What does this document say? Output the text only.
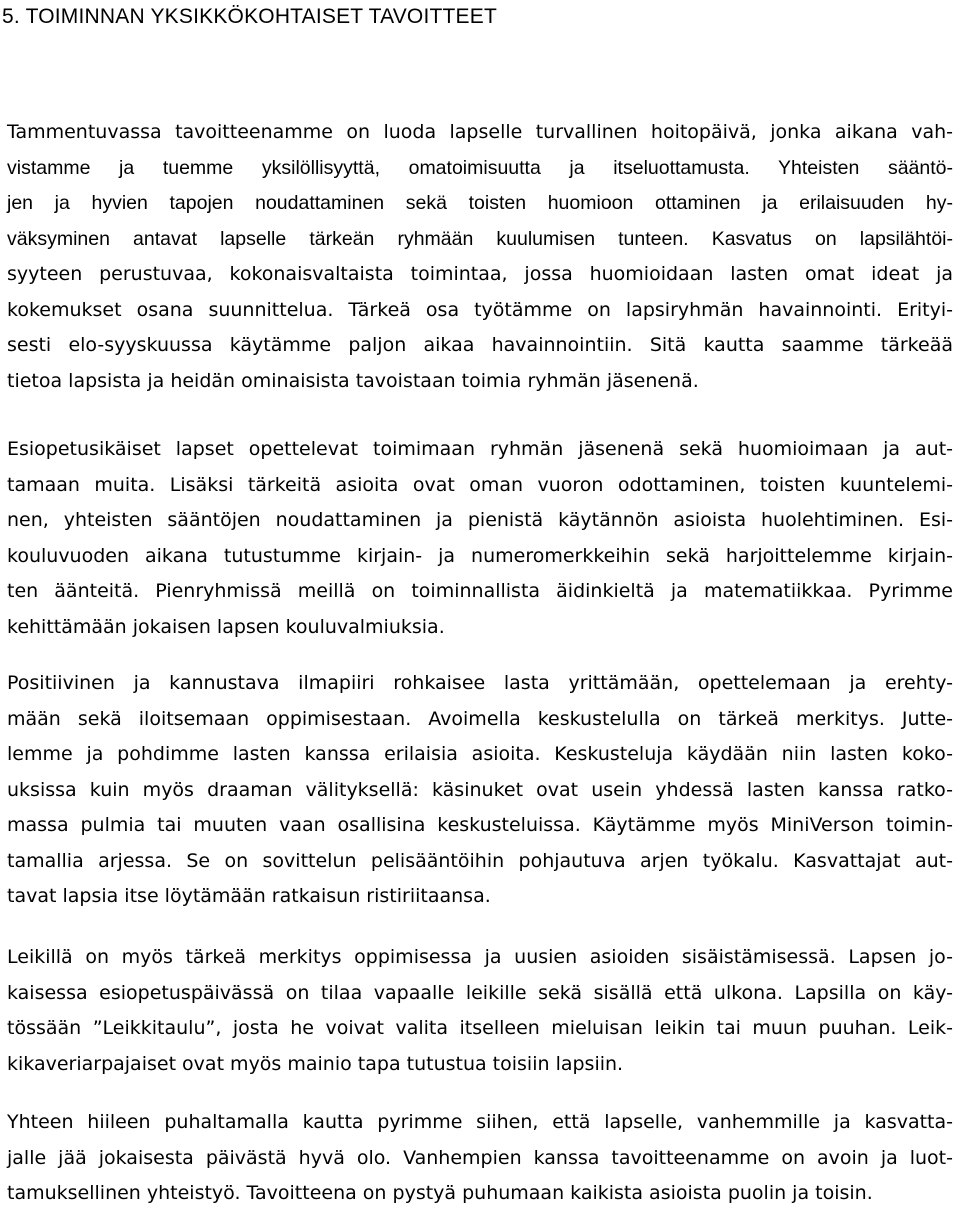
5. TOIMINNAN YKSIKKÖKOHTAISET TAVOITTEET
Tammentuvassa tavoitteenamme on luoda lapselle turvallinen hoitopäivä, jonka aikana vah-
vistamme ja tuemme yksilöllisyyttä, omatoimisuutta ja itseluottamusta. Yhteisten sääntö-
jen ja hyvien tapojen noudattaminen sekä toisten huomioon ottaminen ja erilaisuuden hy-
väksyminen antavat lapselle tärkeän ryhmään kuulumisen tunteen. Kasvatus on lapsilähtöi-
syyteen perustuvaa, kokonaisvaltaista toimintaa, jossa huomioidaan lasten omat ideat ja
kokemukset osana suunnittelua. Tärkeä osa työtämme on lapsiryhmän havainnointi. Erityi-
sesti elo-syyskuussa käytämme paljon aikaa havainnointiin. Sitä kautta saamme tärkeää
tietoa lapsista ja heidän ominaisista tavoistaan toimia ryhmän jäsenenä.
Esiopetusikäiset lapset opettelevat toimimaan ryhmän jäsenenä sekä huomioimaan ja aut-
tamaan muita. Lisäksi tärkeitä asioita ovat oman vuoron odottaminen, toisten kuuntelemi-
nen, yhteisten sääntöjen noudattaminen ja pienistä käytännön asioista huolehtiminen. Esi-
kouluvuoden aikana tutustumme kirjain- ja numeromerkkeihin sekä harjoittelemme kirjain-
ten äänteitä. Pienryhmissä meillä on toiminnallista äidinkieltä ja matematiikkaa. Pyrimme
kehittämään jokaisen lapsen kouluvalmiuksia.
Positiivinen ja kannustava ilmapiiri rohkaisee lasta yrittämään, opettelemaan ja erehty-
mään sekä iloitsemaan oppimisestaan. Avoimella keskustelulla on tärkeä merkitys. Jutte-
lemme ja pohdimme lasten kanssa erilaisia asioita. Keskusteluja käydään niin lasten koko-
uksissa kuin myös draaman välityksellä: käsinuket ovat usein yhdessä lasten kanssa ratko-
massa pulmia tai muuten vaan osallisina keskusteluissa. Käytämme myös MiniVerson toimin-
tamallia arjessa. Se on sovittelun pelisääntöihin pohjautuva arjen työkalu. Kasvattajat aut-
tavat lapsia itse löytämään ratkaisun ristiriitaansa.
Leikillä on myös tärkeä merkitys oppimisessa ja uusien asioiden sisäistämisessä. Lapsen jo-
kaisessa esiopetuspäivässä on tilaa vapaalle leikille sekä sisällä että ulkona. Lapsilla on käy-
tössään ”Leikkitaulu”, josta he voivat valita itselleen mieluisan leikin tai muun puuhan. Leik-
kikaveriarpajaiset ovat myös mainio tapa tutustua toisiin lapsiin.
Yhteen hiileen puhaltamalla kautta pyrimme siihen, että lapselle, vanhemmille ja kasvatta-
jalle jää jokaisesta päivästä hyvä olo. Vanhempien kanssa tavoitteenamme on avoin ja luot-
tamuksellinen yhteistyö. Tavoitteena on pystyä puhumaan kaikista asioista puolin ja toisin.
